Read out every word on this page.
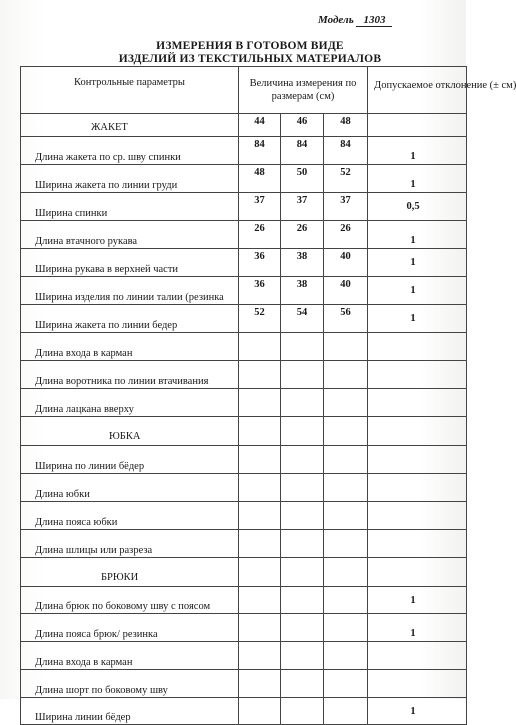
Модель 1303
ИЗМЕРЕНИЯ В ГОТОВОМ ВИДЕ
ИЗДЕЛИЙ ИЗ ТЕКСТИЛЬНЫХ МАТЕРИАЛОВ
Контрольные параметры	Величина измерения по размерам (см)			Допускаемое отклонение (± см)
ЖАКЕТ	44	46	48	
Длина жакета по ср. шву спинки	84	84	84	1
Ширина жакета по линии груди	48	50	52	1
Ширина спинки	37	37	37	0,5
Длина втачного рукава	26	26	26	1
Ширина рукава в верхней части	36	38	40	1
Ширина изделия по линии талии (резинка	36	38	40	1
Ширина жакета по линии бедер	52	54	56	1
Длина входа в карман				
Длина воротника по линии втачивания				
Длина лацкана вверху				
ЮБКА				
Ширина по линии бёдер				
Длина юбки				
Длина пояса юбки				
Длина шлицы или разреза				
БРЮКИ				
Длина брюк по боковому шву с поясом				1
Длина пояса брюк/ резинка				1
Длина входа в карман				
Длина шорт по боковому шву				
Ширина линии бёдер				1
